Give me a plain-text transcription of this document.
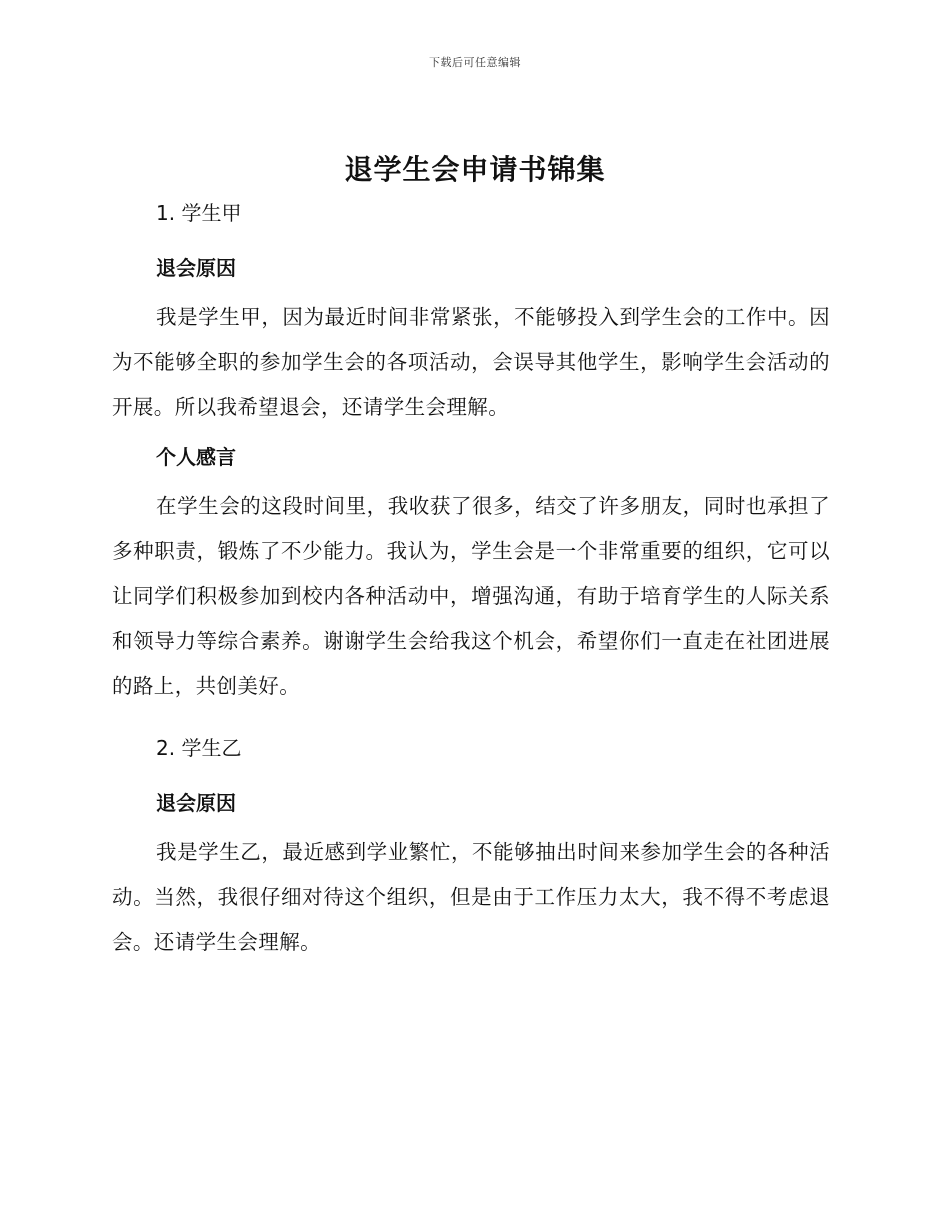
下载后可任意编辑
退学生会申请书锦集
1. 学生甲
退会原因

我是学生甲，因为最近时间非常紧张，不能够投入到学生会的工作中。因为不能够全职的参加学生会的各项活动，会误导其他学生，影响学生会活动的开展。所以我希望退会，还请学生会理解。

个人感言

在学生会的这段时间里，我收获了很多，结交了许多朋友，同时也承担了多种职责，锻炼了不少能力。我认为，学生会是一个非常重要的组织，它可以让同学们积极参加到校内各种活动中，增强沟通，有助于培育学生的人际关系和领导力等综合素养。谢谢学生会给我这个机会，希望你们一直走在社团进展的路上，共创美好。

2. 学生乙
退会原因

我是学生乙，最近感到学业繁忙，不能够抽出时间来参加学生会的各种活动。当然，我很仔细对待这个组织，但是由于工作压力太大，我不得不考虑退会。还请学生会理解。
